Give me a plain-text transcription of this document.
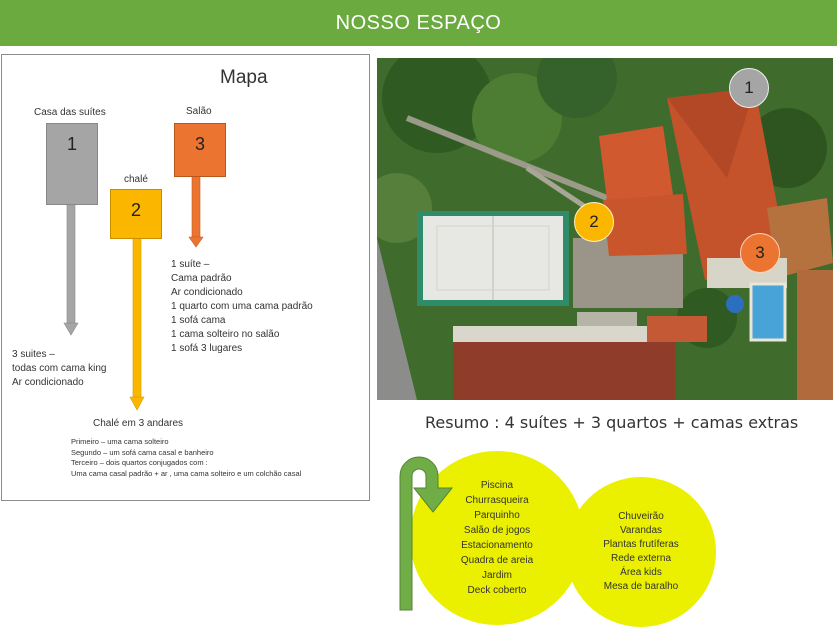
NOSSO ESPAÇO
Mapa
Casa das suítes
chalé
Salão
1
2
3
1 suíte –
Cama padrão
Ar condicionado
1 quarto com uma cama padrão
1 sofá cama
1 cama solteiro no salão
1 sofá 3 lugares
3 suites –
todas com cama king
Ar condicionado
Chalé em 3 andares
Primeiro – uma cama solteiro
Segundo – um sofá cama casal e banheiro
Terceiro – dois quartos conjugados com :
Uma cama casal padrão + ar , uma cama solteiro e um colchão casal
1
2
3
Resumo : 4 suítes + 3 quartos + camas extras
Piscina
Churrasqueira
Parquinho
Salão de jogos
Estacionamento
Quadra de areia
Jardim
Deck coberto
Chuveirão
Varandas
Plantas frutíferas
Rede externa
Área kids
Mesa de baralho
